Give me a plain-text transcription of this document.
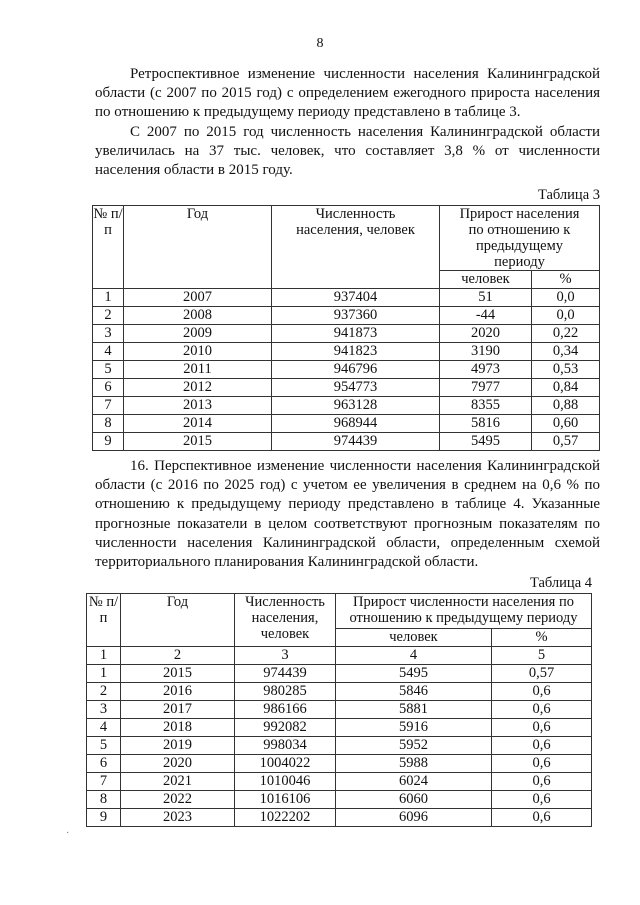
8
Ретроспективное изменение численности населения Калининградской области (с 2007 по 2015 год) с определением ежегодного прироста населения по отношению к предыдущему периоду представлено в таблице 3.
С 2007 по 2015 год численность населения Калининградской области увеличилась на 37 тыс. человек, что составляет 3,8 % от численности населения области в 2015 году.
Таблица 3
№ п/п	Год	Численность населения, человек	Прирост населения по отношению к предыдущему периоду	
			человек	%
1	2007	937404	51	0,0
2	2008	937360	-44	0,0
3	2009	941873	2020	0,22
4	2010	941823	3190	0,34
5	2011	946796	4973	0,53
6	2012	954773	7977	0,84
7	2013	963128	8355	0,88
8	2014	968944	5816	0,60
9	2015	974439	5495	0,57
16. Перспективное изменение численности населения Калининградской области (с 2016 по 2025 год) с учетом ее увеличения в среднем на 0,6 % по отношению к предыдущему периоду представлено в таблице 4. Указанные прогнозные показатели в целом соответствуют прогнозным показателям по численности населения Калининградской области, определенным схемой территориального планирования Калининградской области.
Таблица 4
№ п/п	Год	Численность населения, человек	Прирост численности населения по отношению к предыдущему периоду	
			человек	%
1	2	3	4	5
1	2015	974439	5495	0,57
2	2016	980285	5846	0,6
3	2017	986166	5881	0,6
4	2018	992082	5916	0,6
5	2019	998034	5952	0,6
6	2020	1004022	5988	0,6
7	2021	1010046	6024	0,6
8	2022	1016106	6060	0,6
9	2023	1022202	6096	0,6
·
